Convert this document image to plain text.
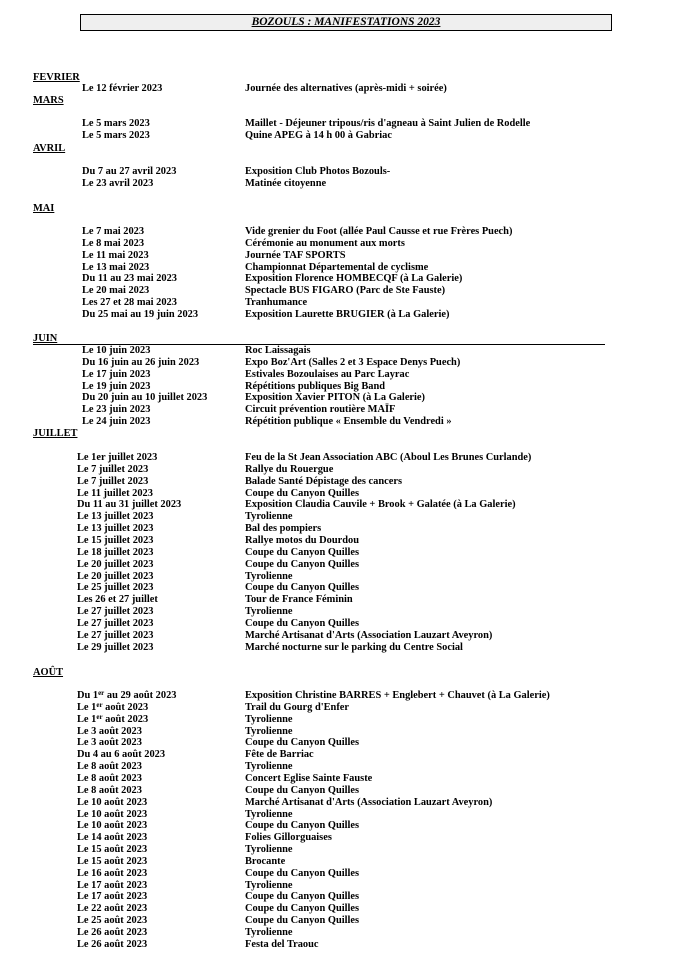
BOZOULS : MANIFESTATIONS 2023
FEVRIER
Le 12 février 2023	Journée des alternatives (après-midi + soirée)
MARS
Le 5 mars 2023	Maillet - Déjeuner tripous/ris d'agneau à Saint Julien de Rodelle
Le 5 mars 2023	Quine APEG à 14 h 00 à Gabriac
AVRIL
Du 7 au 27 avril 2023	Exposition Club Photos Bozouls-
Le 23 avril 2023	Matinée citoyenne
MAI
Le 7 mai 2023	Vide grenier du Foot (allée Paul Causse et rue Frères Puech)
Le 8 mai 2023	Cérémonie au monument aux morts
Le 11 mai 2023	Journée TAF SPORTS
Le 13 mai 2023	Championnat Départemental de cyclisme
Du 11 au 23 mai 2023	Exposition Florence HOMBECQF (à La Galerie)
Le 20 mai 2023	Spectacle BUS FIGARO (Parc de Ste Fauste)
Les 27 et 28 mai 2023	Tranhumance
Du 25 mai au 19 juin 2023	Exposition Laurette BRUGIER (à La Galerie)
JUIN
Le 10 juin 2023	Roc Laissagais
Du 16 juin au 26 juin 2023	Expo Boz'Art (Salles 2 et 3 Espace Denys Puech)
Le 17 juin 2023	Estivales Bozoulaises au Parc Layrac
Le 19 juin 2023	Répétitions publiques Big Band
Du 20 juin au 10 juillet 2023	Exposition Xavier PITON (à La Galerie)
Le 23 juin 2023	Circuit prévention routière MAÏF
Le 24 juin 2023	Répétition publique « Ensemble du Vendredi »
JUILLET
Le 1er juillet 2023	Feu de la St Jean Association ABC (Aboul Les Brunes Curlande)
Le 7 juillet 2023	Rallye du Rouergue
Le 7 juillet 2023	Balade Santé Dépistage des cancers
Le 11 juillet 2023	Coupe du Canyon Quilles
Du 11 au 31 juillet 2023	Exposition Claudia Cauvile + Brook + Galatée (à La Galerie)
Le 13 juillet 2023	Tyrolienne
Le 13 juillet 2023	Bal des pompiers
Le 15 juillet 2023	Rallye motos du Dourdou
Le 18 juillet 2023	Coupe du Canyon Quilles
Le 20 juillet 2023	Coupe du Canyon Quilles
Le 20 juillet 2023	Tyrolienne
Le 25 juillet 2023	Coupe du Canyon Quilles
Les 26 et 27 juillet	Tour de France Féminin
Le 27 juillet 2023	Tyrolienne
Le 27 juillet 2023	Coupe du Canyon Quilles
Le 27 juillet 2023	Marché Artisanat d'Arts (Association Lauzart Aveyron)
Le 29 juillet 2023	Marché nocturne sur le parking du Centre Social
AOÛT
Du 1er au 29 août 2023	Exposition Christine BARRES + Englebert + Chauvet (à La Galerie)
Le 1er août 2023	Trail du Gourg d'Enfer
Le 1er août 2023	Tyrolienne
Le 3 août 2023	Tyrolienne
Le 3 août 2023	Coupe du Canyon Quilles
Du 4 au 6 août 2023	Fête de Barriac
Le 8 août 2023	Tyrolienne
Le 8 août 2023	Concert Eglise Sainte Fauste
Le 8 août 2023	Coupe du Canyon Quilles
Le 10 août 2023	Marché Artisanat d'Arts (Association Lauzart Aveyron)
Le 10 août 2023	Tyrolienne
Le 10 août 2023	Coupe du Canyon Quilles
Le 14 août 2023	Folies Gillorguaises
Le 15 août 2023	Tyrolienne
Le 15 août 2023	Brocante
Le 16 août 2023	Coupe du Canyon Quilles
Le 17 août 2023	Tyrolienne
Le 17 août 2023	Coupe du Canyon Quilles
Le 22 août 2023	Coupe du Canyon Quilles
Le 25 août 2023	Coupe du Canyon Quilles
Le 26 août 2023	Tyrolienne
Le 26 août 2023	Festa del Traouc
